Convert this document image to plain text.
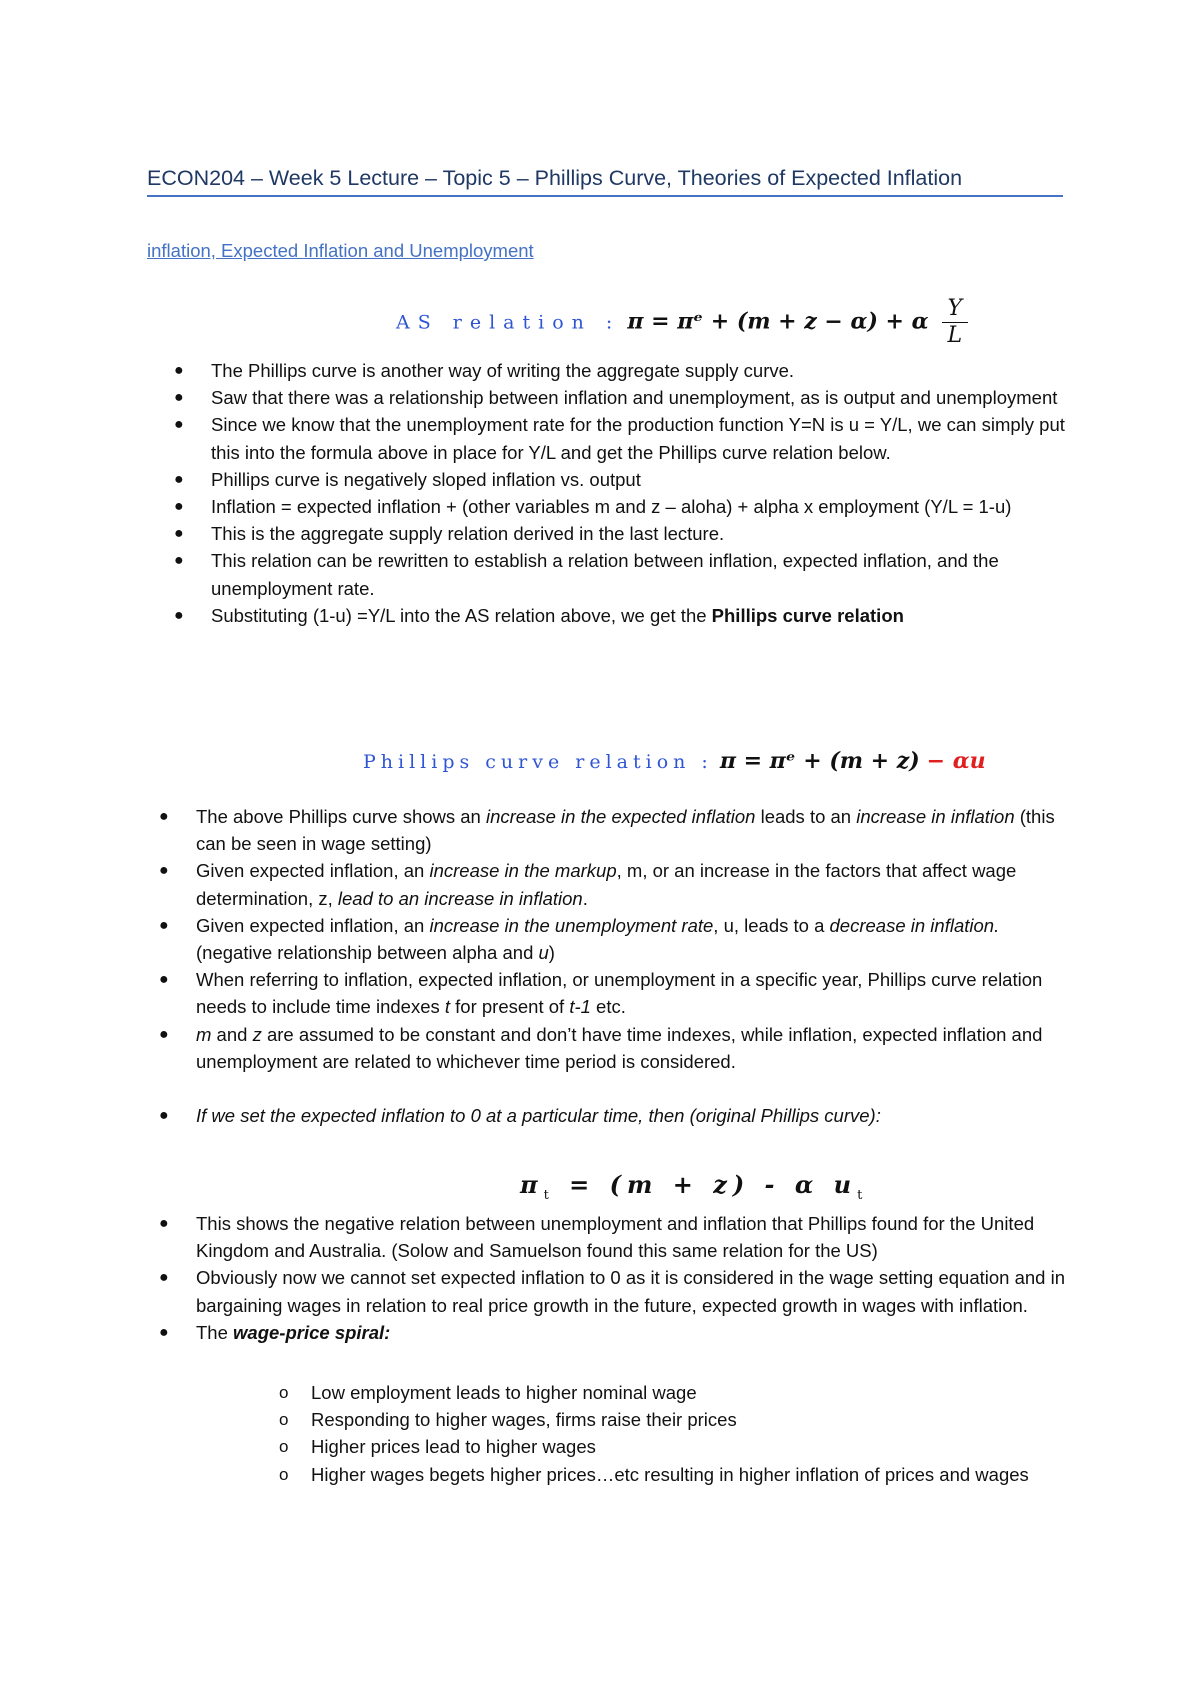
ECON204 – Week 5 Lecture – Topic 5 – Phillips Curve, Theories of Expected Inflation
inflation, Expected Inflation and Unemployment
AS relation : π = πᵉ + (m + z − α) + α $\frac{Y}{L}$
● The Phillips curve is another way of writing the aggregate supply curve.
● Saw that there was a relationship between inflation and unemployment, as is output and unemployment
● Since we know that the unemployment rate for the production function Y=N is u = Y/L, we can simply put this into the formula above in place for Y/L and get the Phillips curve relation below.
● Phillips curve is negatively sloped inflation vs. output
● Inflation = expected inflation + (other variables m and z – aloha) + alpha x employment (Y/L = 1-u)
● This is the aggregate supply relation derived in the last lecture.
● This relation can be rewritten to establish a relation between inflation, expected inflation, and the unemployment rate.
● Substituting (1-u) =Y/L into the AS relation above, we get the Phillips curve relation
Phillips curve relation : π = πᵉ + (m + z) − αu
● The above Phillips curve shows an increase in the expected inflation leads to an increase in inflation (this can be seen in wage setting)
● Given expected inflation, an increase in the markup, m, or an increase in the factors that affect wage determination, z, lead to an increase in inflation.
● Given expected inflation, an increase in the unemployment rate, u, leads to a decrease in inflation. (negative relationship between alpha and u)
● When referring to inflation, expected inflation, or unemployment in a specific year, Phillips curve relation needs to include time indexes t for present of t-1 etc.
● m and z are assumed to be constant and don’t have time indexes, while inflation, expected inflation and unemployment are related to whichever time period is considered.
● If we set the expected inflation to 0 at a particular time, then (original Phillips curve):
$\pi_t = (m + z) - \alpha$ $u_t$
● This shows the negative relation between unemployment and inflation that Phillips found for the United Kingdom and Australia. (Solow and Samuelson found this same relation for the US)
● Obviously now we cannot set expected inflation to 0 as it is considered in the wage setting equation and in bargaining wages in relation to real price growth in the future, expected growth in wages with inflation.
● The wage-price spiral:
o Low employment leads to higher nominal wage
o Responding to higher wages, firms raise their prices
o Higher prices lead to higher wages
o Higher wages begets higher prices…etc resulting in higher inflation of prices and wages
